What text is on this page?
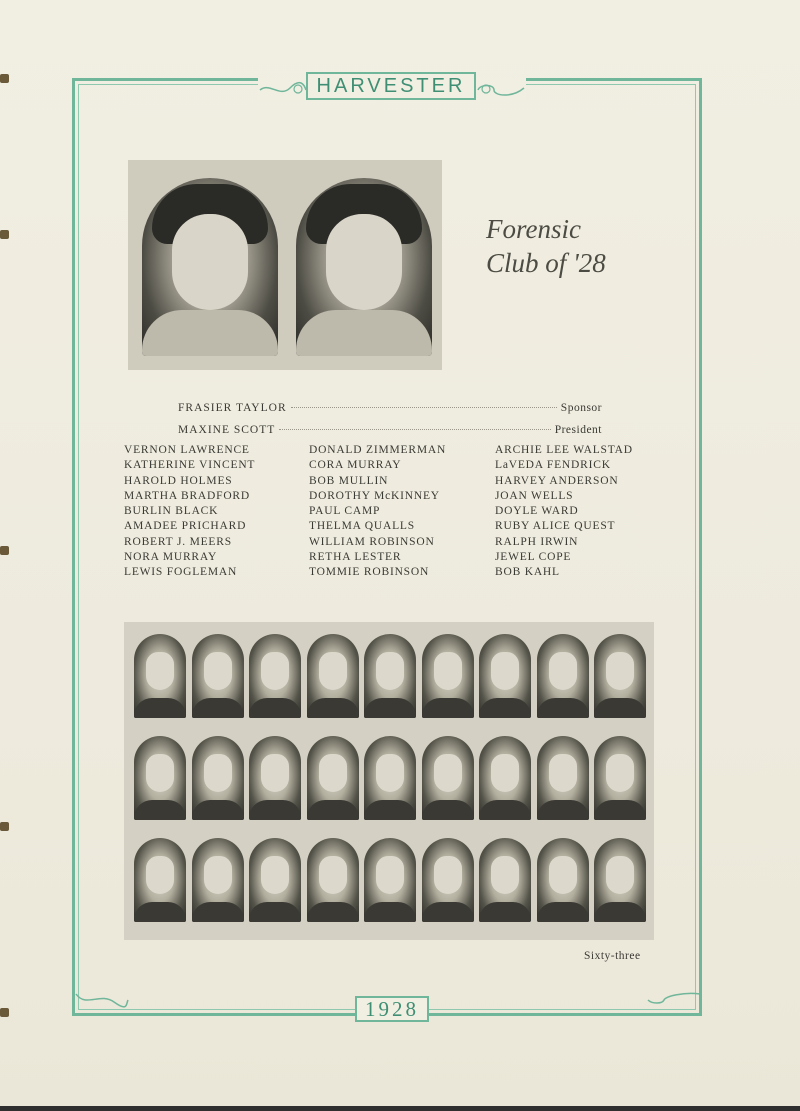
HARVESTER
1928
Forensic
Club of '28
FRASIER TAYLOR	Sponsor
MAXINE SCOTT	President
VERNON LAWRENCE
KATHERINE VINCENT
HAROLD HOLMES
MARTHA BRADFORD
BURLIN BLACK
AMADEE PRICHARD
ROBERT J. MEERS
NORA MURRAY
LEWIS FOGLEMAN
DONALD ZIMMERMAN
CORA MURRAY
BOB MULLIN
DOROTHY McKINNEY
PAUL CAMP
THELMA QUALLS
WILLIAM ROBINSON
RETHA LESTER
TOMMIE ROBINSON
ARCHIE LEE WALSTAD
LaVEDA FENDRICK
HARVEY ANDERSON
JOAN WELLS
DOYLE WARD
RUBY ALICE QUEST
RALPH IRWIN
JEWEL COPE
BOB KAHL
Sixty-three
